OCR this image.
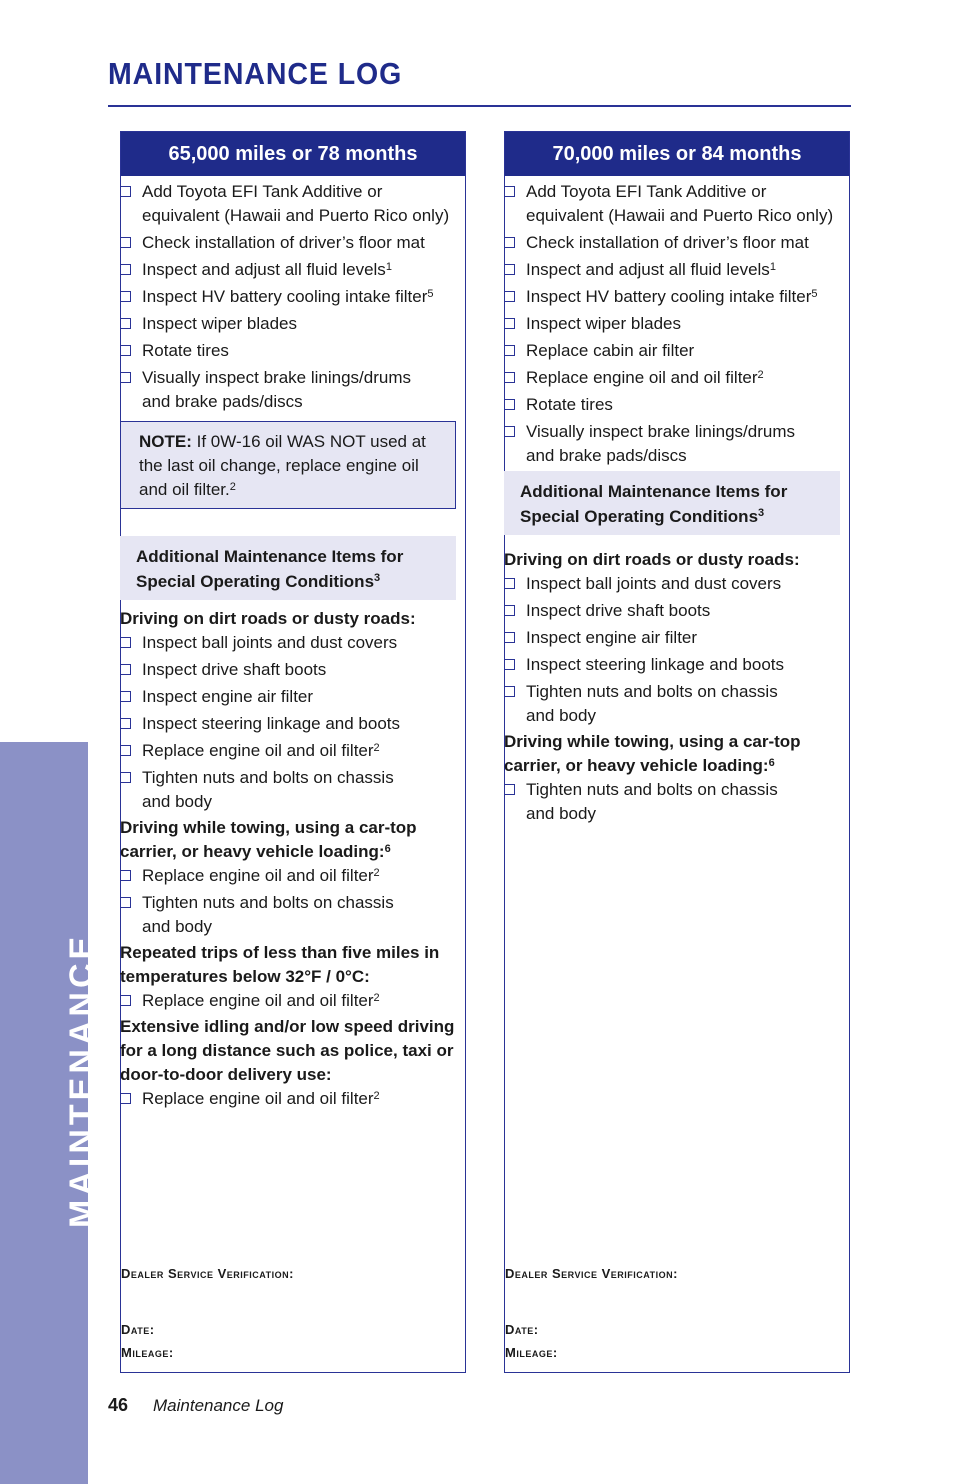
MAINTENANCE LOG
MAINTENANCE
65,000 miles or 78 months
Add Toyota EFI Tank Additive or
equivalent (Hawaii and Puerto Rico only)
Check installation of driver’s floor mat
Inspect and adjust all fluid levels$^1$
Inspect HV battery cooling intake filter$^5$
Inspect wiper blades
Rotate tires
Visually inspect brake linings/drums
and brake pads/discs
NOTE: If 0W-16 oil WAS NOT used at the last oil change, replace engine oil and oil filter.$^2$
Additional Maintenance Items for
Special Operating Conditions$^3$
Driving on dirt roads or dusty roads:
Inspect ball joints and dust covers
Inspect drive shaft boots
Inspect engine air filter
Inspect steering linkage and boots
Replace engine oil and oil filter$^2$
Tighten nuts and bolts on chassis
and body
Driving while towing, using a car-top carrier, or heavy vehicle loading:$^6$
Replace engine oil and oil filter$^2$
Tighten nuts and bolts on chassis
and body
Repeated trips of less than five miles in temperatures below 32°F / 0°C:
Replace engine oil and oil filter$^2$
Extensive idling and/or low speed driving for a long distance such as police, taxi or door-to-door delivery use:
Replace engine oil and oil filter$^2$
Dealer Service Verification:
Date:
Mileage:
70,000 miles or 84 months
Add Toyota EFI Tank Additive or
equivalent (Hawaii and Puerto Rico only)
Check installation of driver’s floor mat
Inspect and adjust all fluid levels$^1$
Inspect HV battery cooling intake filter$^5$
Inspect wiper blades
Replace cabin air filter
Replace engine oil and oil filter$^2$
Rotate tires
Visually inspect brake linings/drums
and brake pads/discs
Additional Maintenance Items for
Special Operating Conditions$^3$
Driving on dirt roads or dusty roads:
Inspect ball joints and dust covers
Inspect drive shaft boots
Inspect engine air filter
Inspect steering linkage and boots
Tighten nuts and bolts on chassis
and body
Driving while towing, using a car-top carrier, or heavy vehicle loading:$^6$
Tighten nuts and bolts on chassis
and body
Dealer Service Verification:
Date:
Mileage:
46 Maintenance Log
